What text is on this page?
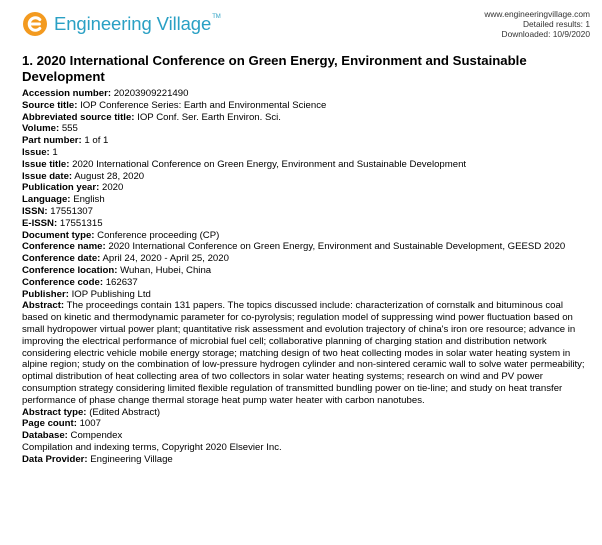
Engineering Village™	www.engineeringvillage.com
Detailed results: 1
Downloaded: 10/9/2020
1. 2020 International Conference on Green Energy, Environment and Sustainable Development
Accession number: 20203909221490
Source title: IOP Conference Series: Earth and Environmental Science
Abbreviated source title: IOP Conf. Ser. Earth Environ. Sci.
Volume: 555
Part number: 1 of 1
Issue: 1
Issue title: 2020 International Conference on Green Energy, Environment and Sustainable Development
Issue date: August 28, 2020
Publication year: 2020
Language: English
ISSN: 17551307
E-ISSN: 17551315
Document type: Conference proceeding (CP)
Conference name: 2020 International Conference on Green Energy, Environment and Sustainable Development, GEESD 2020
Conference date: April 24, 2020 - April 25, 2020
Conference location: Wuhan, Hubei, China
Conference code: 162637
Publisher: IOP Publishing Ltd
Abstract: The proceedings contain 131 papers. The topics discussed include: characterization of cornstalk and bituminous coal based on kinetic and thermodynamic parameter for co-pyrolysis; regulation model of suppressing wind power fluctuation based on small hydropower virtual power plant; quantitative risk assessment and evolution trajectory of china's iron ore resource; advance in improving the electrical performance of microbial fuel cell; collaborative planning of charging station and distribution network considering electric vehicle mobile energy storage; matching design of two heat collecting modes in solar water heating system in alpine region; study on the combination of low-pressure hydrogen cylinder and non-sintered ceramic wall to solve water permeability; optimal distribution of heat collecting area of two collectors in solar water heating systems; research on wind and PV power consumption strategy considering limited flexible regulation of transmitted bundling power on tie-line; and study on heat transfer performance of phase change thermal storage heat pump water heater with carbon nanotubes.
Abstract type: (Edited Abstract)
Page count: 1007
Database: Compendex
Compilation and indexing terms, Copyright 2020 Elsevier Inc.
Data Provider: Engineering Village
